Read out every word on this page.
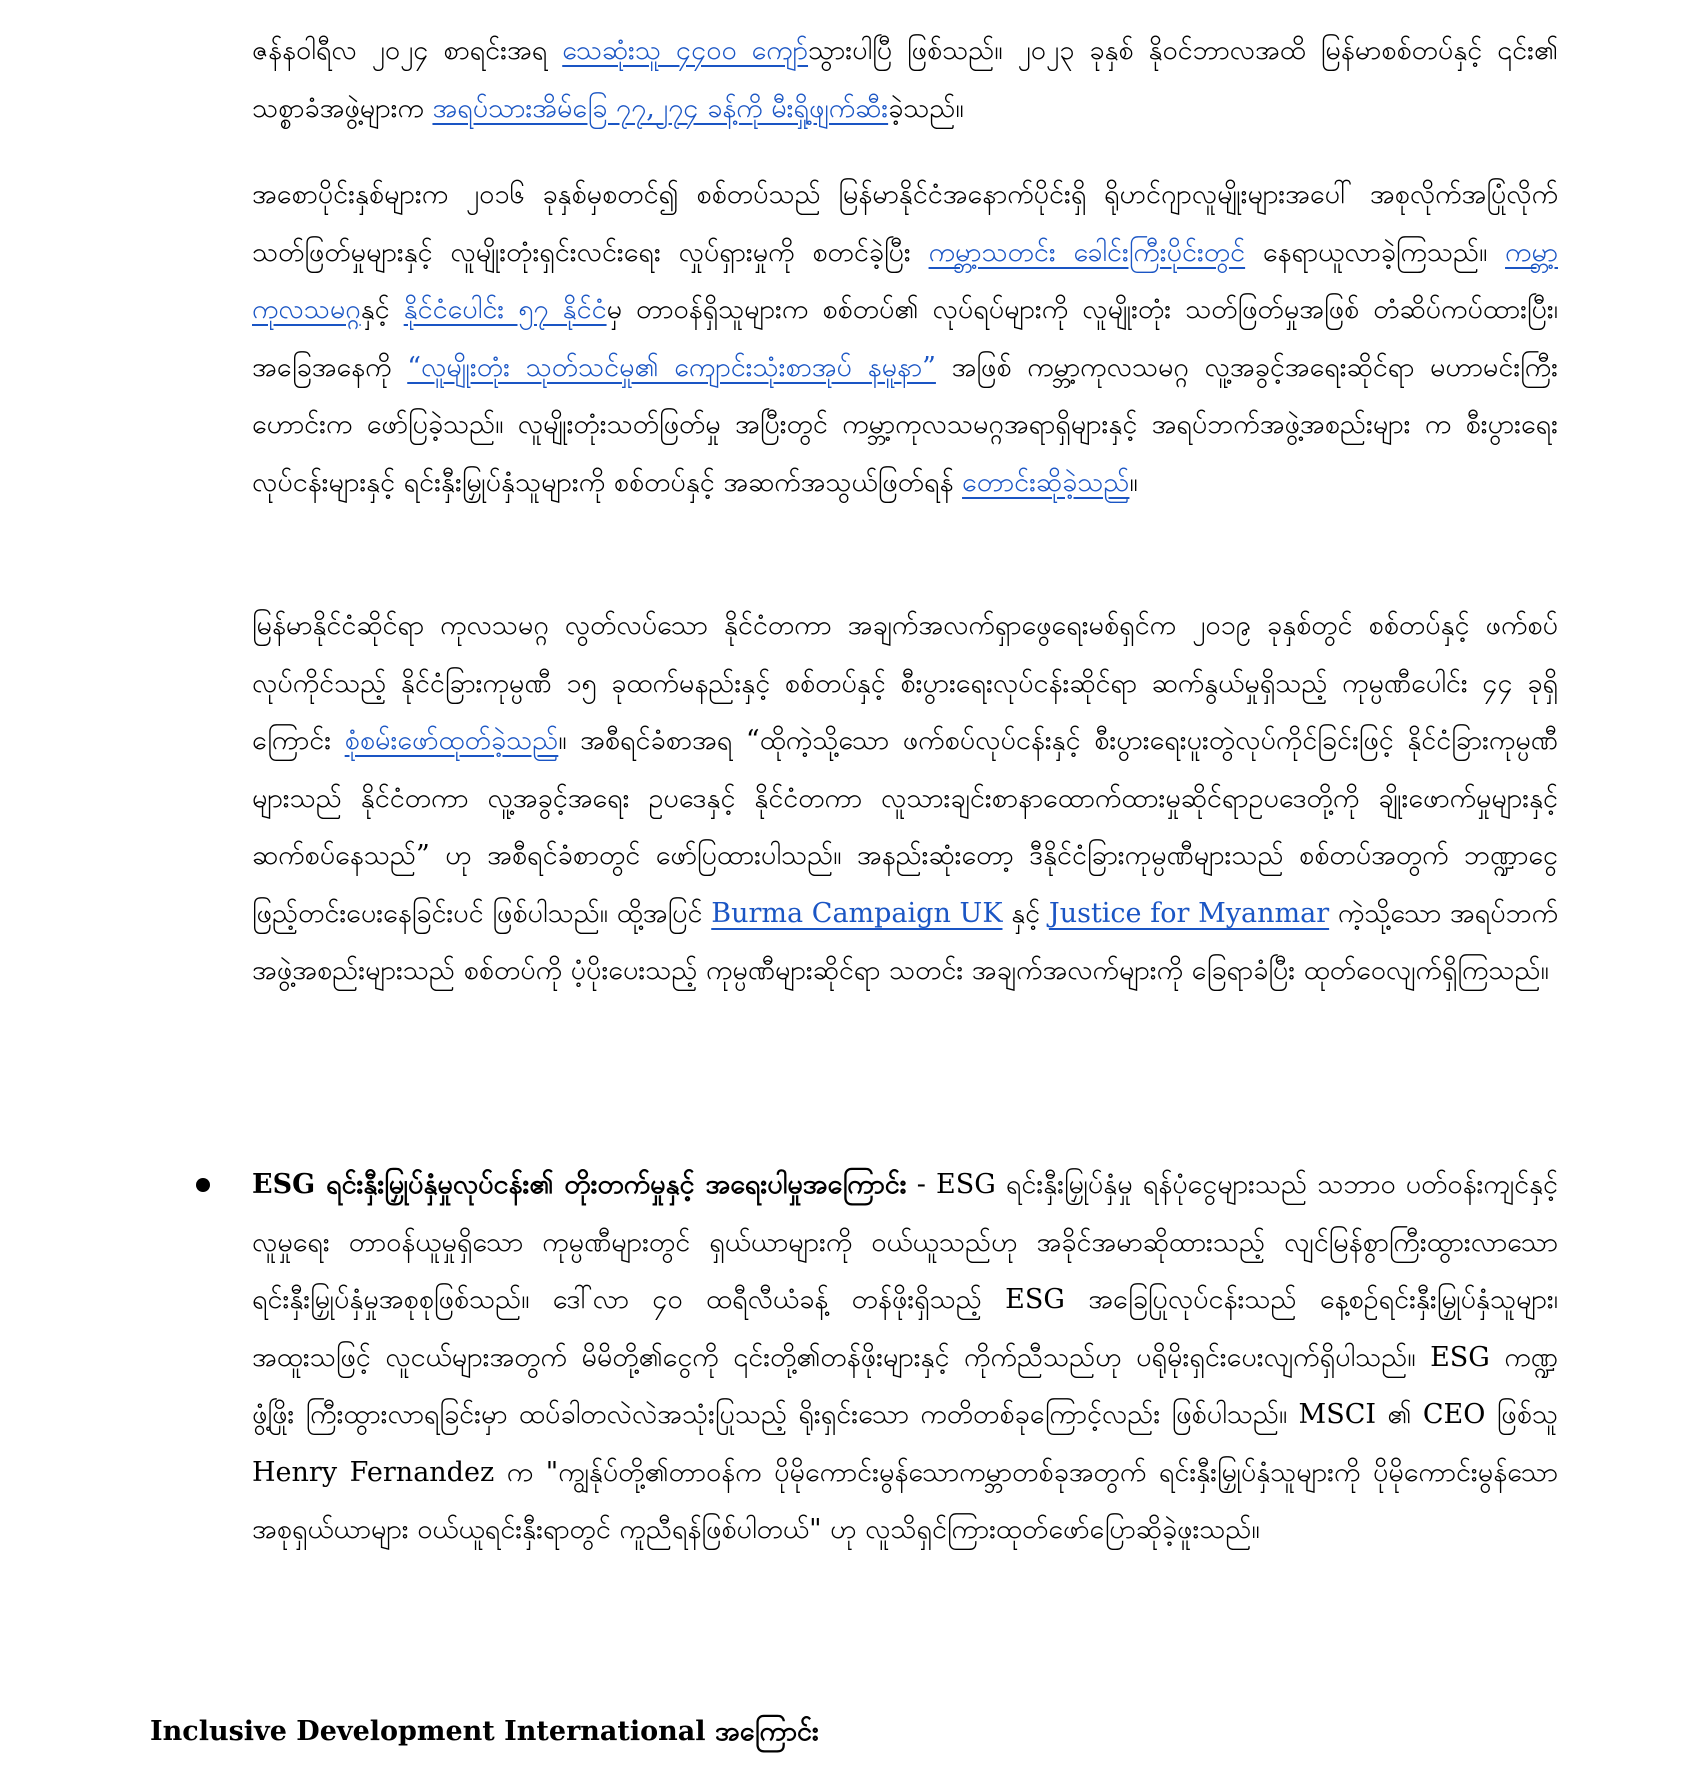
ဇန်နဝါရီလ ၂၀၂၄ စာရင်းအရ သေဆုံးသူ ၄၄၀၀ ကျော်သွားပါပြီ ဖြစ်သည်။ ၂၀၂၃ ခုနှစ် နိုဝင်ဘာလအထိ မြန်မာစစ်တပ်နှင့် ၎င်း၏ သစ္စာခံအဖွဲ့များက အရပ်သားအိမ်ခြေ ၇၇,၂၇၄ ခန့်ကို မီးရှို့ဖျက်ဆီးခဲ့သည်။

အစောပိုင်းနှစ်များက ၂၀၁၆ ခုနှစ်မှစတင်၍ စစ်တပ်သည် မြန်မာနိုင်ငံအနောက်ပိုင်းရှိ ရိုဟင်ဂျာလူမျိုးများအပေါ် အစုလိုက်အပြုံလိုက် သတ်ဖြတ်မှုများနှင့် လူမျိုးတုံးရှင်းလင်းရေး လှုပ်ရှားမှုကို စတင်ခဲ့ပြီး ကမ္ဘာ့သတင်း ခေါင်းကြီးပိုင်းတွင် နေရာယူလာခဲ့ကြသည်။ ကမ္ဘာ့ကုလသမဂ္ဂနှင့် နိုင်ငံပေါင်း ၅၇ နိုင်ငံမှ တာဝန်ရှိသူများက စစ်တပ်၏ လုပ်ရပ်များကို လူမျိုးတုံး သတ်ဖြတ်မှုအဖြစ် တံဆိပ်ကပ်ထားပြီး၊ အခြေအနေကို “လူမျိုးတုံး သုတ်သင်မှု၏ ကျောင်းသုံးစာအုပ် နမူနာ” အဖြစ် ကမ္ဘာ့ကုလသမဂ္ဂ လူ့အခွင့်အရေးဆိုင်ရာ မဟာမင်းကြီးဟောင်းက ဖော်ပြခဲ့သည်။ လူမျိုးတုံးသတ်ဖြတ်မှု အပြီးတွင် ကမ္ဘာ့ကုလသမဂ္ဂအရာရှိများနှင့် အရပ်ဘက်အဖွဲ့အစည်းများ က စီးပွားရေးလုပ်ငန်းများနှင့် ရင်းနှီးမြှုပ်နှံသူများကို စစ်တပ်နှင့် အဆက်အသွယ်ဖြတ်ရန် တောင်းဆိုခဲ့သည်။

မြန်မာနိုင်ငံဆိုင်ရာ ကုလသမဂ္ဂ လွတ်လပ်သော နိုင်ငံတကာ အချက်အလက်ရှာဖွေရေးမစ်ရှင်က ၂၀၁၉ ခုနှစ်တွင် စစ်တပ်နှင့် ဖက်စပ်လုပ်ကိုင်သည့် နိုင်ငံခြားကုမ္ပဏီ ၁၅ ခုထက်မနည်းနှင့် စစ်တပ်နှင့် စီးပွားရေးလုပ်ငန်းဆိုင်ရာ ဆက်နွယ်မှုရှိသည့် ကုမ္ပဏီပေါင်း ၄၄ ခုရှိကြောင်း စုံစမ်းဖော်ထုတ်ခဲ့သည်။ အစီရင်ခံစာအရ “ထိုကဲ့သို့သော ဖက်စပ်လုပ်ငန်းနှင့် စီးပွားရေးပူးတွဲလုပ်ကိုင်ခြင်းဖြင့် နိုင်ငံခြားကုမ္ပဏီများသည် နိုင်ငံတကာ လူ့အခွင့်အရေး ဥပဒေနှင့် နိုင်ငံတကာ လူသားချင်းစာနာထောက်ထားမှုဆိုင်ရာဥပဒေတို့ကို ချိုးဖောက်မှုများနှင့် ဆက်စပ်နေသည်” ဟု အစီရင်ခံစာတွင် ဖော်ပြထားပါသည်။ အနည်းဆုံးတော့ ဒီနိုင်ငံခြားကုမ္ပဏီများသည် စစ်တပ်အတွက် ဘဏ္ဍာငွေ ဖြည့်တင်းပေးနေခြင်းပင် ဖြစ်ပါသည်။ ထို့အပြင် Burma Campaign UK နှင့် Justice for Myanmar ကဲ့သို့သော အရပ်ဘက်အဖွဲ့အစည်းများသည် စစ်တပ်ကို ပံ့ပိုးပေးသည့် ကုမ္ပဏီများဆိုင်ရာ သတင်း အချက်အလက်များကို ခြေရာခံပြီး ထုတ်ဝေလျက်ရှိကြသည်။

ESG ရင်းနှီးမြှုပ်နှံမှုလုပ်ငန်း၏ တိုးတက်မှုနှင့် အရေးပါမှုအကြောင်း - ESG ရင်းနှီးမြှုပ်နှံမှု ရန်ပုံငွေများသည် သဘာဝ ပတ်ဝန်းကျင်နှင့် လူမှုရေး တာဝန်ယူမှုရှိသော ကုမ္ပဏီများတွင် ရှယ်ယာများကို ဝယ်ယူသည်ဟု အခိုင်အမာဆိုထားသည့် လျင်မြန်စွာကြီးထွားလာသော ရင်းနှီးမြှုပ်နှံမှုအစုစုဖြစ်သည်။ ဒေါ်လာ ၄၀ ထရီလီယံခန့် တန်ဖိုးရှိသည့် ESG အခြေပြုလုပ်ငန်းသည် နေ့စဉ်ရင်းနှီးမြှုပ်နှံသူများ၊ အထူးသဖြင့် လူငယ်များအတွက် မိမိတို့၏ငွေကို ၎င်းတို့၏တန်ဖိုးများနှင့် ကိုက်ညီသည်ဟု ပရိုမိုးရှင်းပေးလျက်ရှိပါသည်။ ESG ကဏ္ဍဖွံ့ဖြိုး ကြီးထွားလာရခြင်းမှာ ထပ်ခါတလဲလဲအသုံးပြုသည့် ရိုးရှင်းသော ကတိတစ်ခုကြောင့်လည်း ဖြစ်ပါသည်။ MSCI ၏ CEO ဖြစ်သူ Henry Fernandez က "ကျွန်ုပ်တို့၏တာဝန်က ပိုမိုကောင်းမွန်သောကမ္ဘာတစ်ခုအတွက် ရင်းနှီးမြှုပ်နှံသူများကို ပိုမိုကောင်းမွန်သော အစုရှယ်ယာများ ဝယ်ယူရင်းနှီးရာတွင် ကူညီရန်ဖြစ်ပါတယ်" ဟု လူသိရှင်ကြားထုတ်ဖော်ပြောဆိုခဲ့ဖူးသည်။

Inclusive Development International အကြောင်း
